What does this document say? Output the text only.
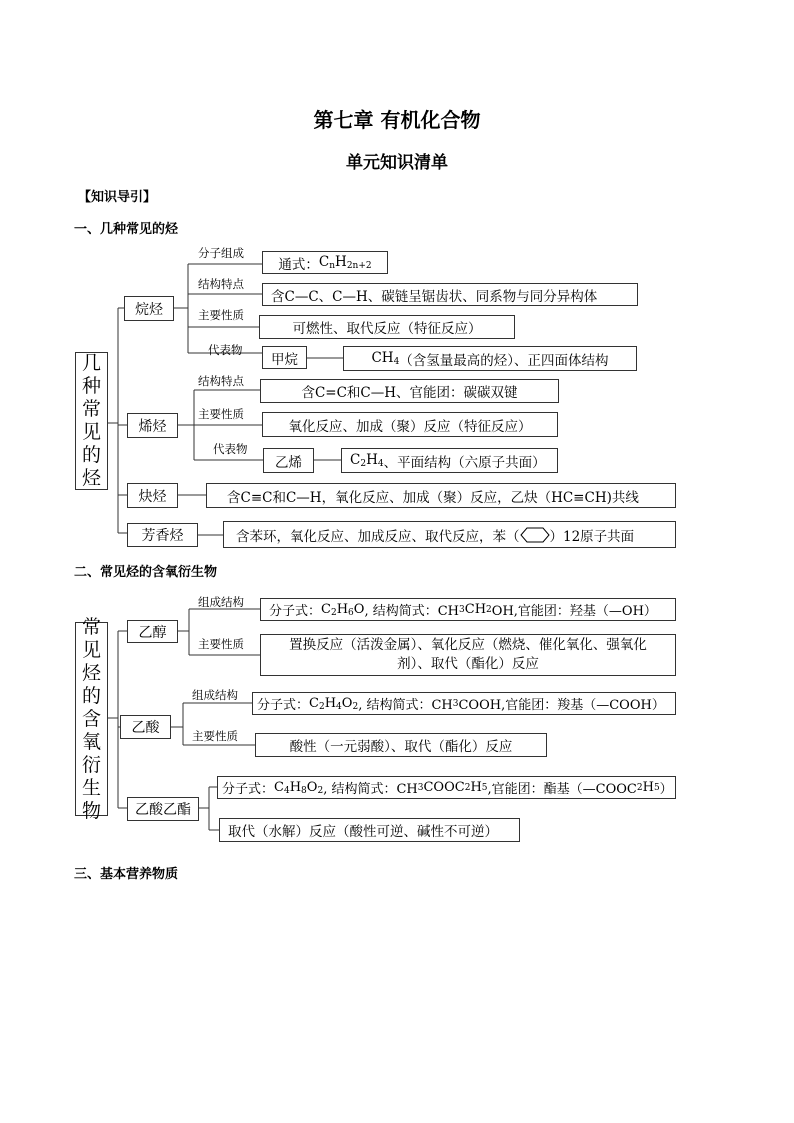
第七章 有机化合物
单元知识清单
【知识导引】
一、几种常见的烃
二、常见烃的含氧衍生物
三、基本营养物质
几
种
常
见
的
烃
烷烃
分子组成
结构特点
主要性质
代表物
通式： $C_nH_{2n+2}$
含C—C、C—H、碳链呈锯齿状、同系物与同分异构体
可燃性、取代反应（特征反应）
甲烷	$CH_4$ （含氢量最高的烃）、正四面体结构
烯烃
结构特点
主要性质
代表物
含C=C和C—H、官能团：碳碳双键
氧化反应、加成（聚）反应（特征反应）
乙烯	$C_2H_4$ 、平面结构（六原子共面）
炔烃	含C≡C和C—H，氧化反应、加成（聚）反应，乙炔（HC≡CH)共线
芳香烃	含苯环，氧化反应、加成反应、取代反应，苯（ ）12原子共面
常
见
烃
的
含
氧
衍
生
物
乙醇
组成结构
主要性质
分子式： $C_2H_6O$ , 结构简式：CH 3 CH 2 OH,官能团：羟基（—OH）
置换反应（活泼金属）、氧化反应（燃烧、催化氧化、强氧化
剂）、取代（酯化）反应
乙酸
组成结构
主要性质
分子式： $C_2H_4O_2$ , 结构简式：CH 3 COOH,官能团：羧基（—COOH）
酸性（一元弱酸）、取代（酯化）反应
乙酸乙酯
分子式： $C_4H_8O_2$ , 结构简式：CH 3 COOC 2 H 5 ,官能团：酯基（—COOC 2 H 5 ）
取代（水解）反应（酸性可逆、碱性不可逆）
